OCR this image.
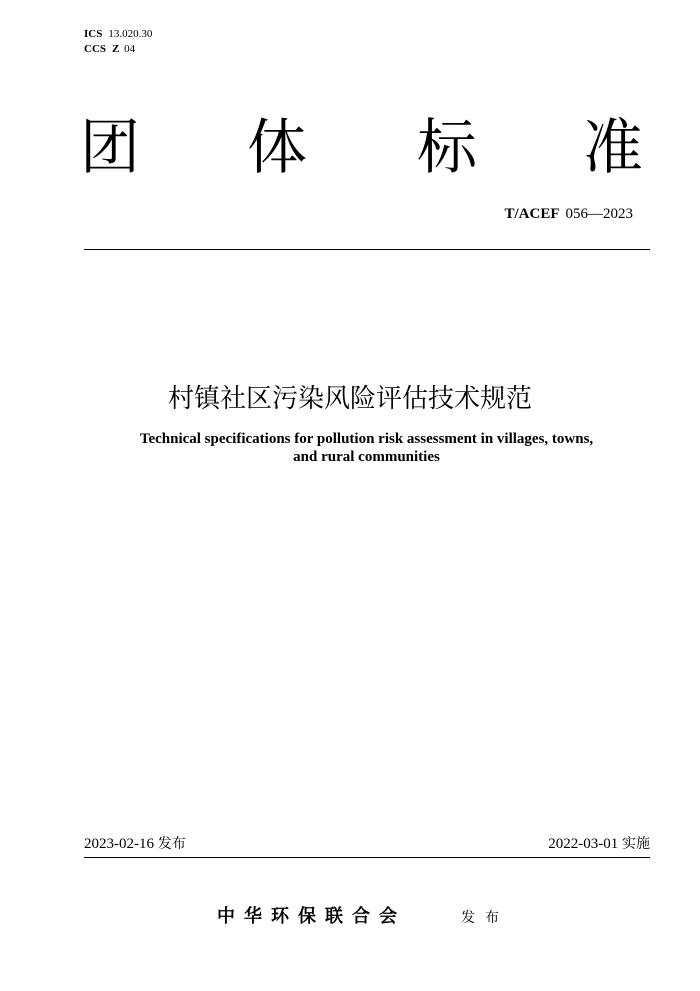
ICS 13.020.30
CCS Z 04
团 体 标 准
T/ACEF 056—2023
村镇社区污染风险评估技术规范
Technical specifications for pollution risk assessment in villages, towns,
and rural communities
2023-02-16 发布	2022-03-01 实施
中华环保联合会	发布
